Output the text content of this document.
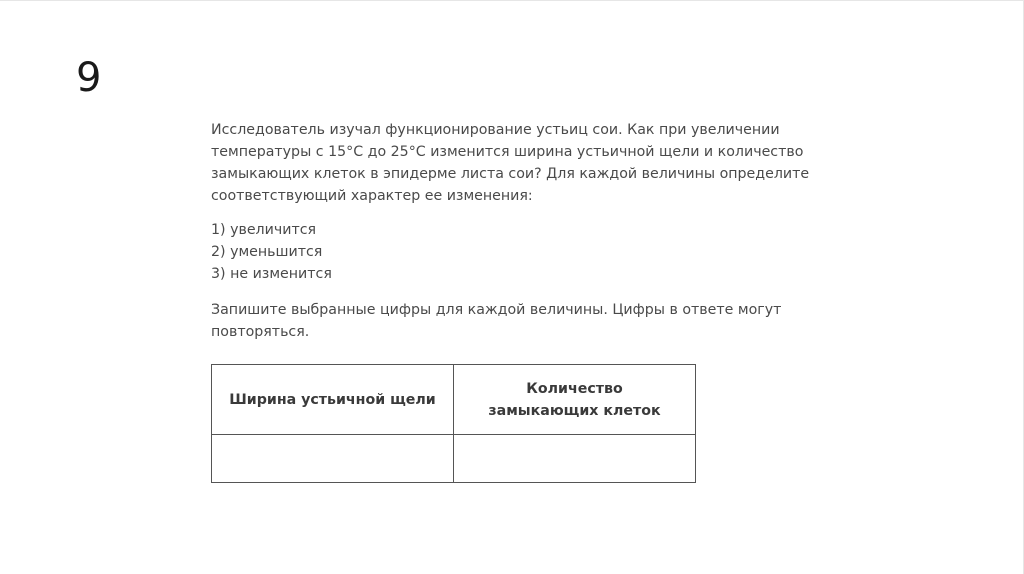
9

Исследователь изучал функционирование устьиц сои. Как при увеличении температуры с 15°С до 25°С изменится ширина устьичной щели и количество замыкающих клеток в эпидерме листа сои? Для каждой величины определите соответствующий характер ее изменения:

1) увеличится
2) уменьшится
3) не изменится

Запишите выбранные цифры для каждой величины. Цифры в ответе могут повторяться.

Ширина устьичной щели	Количество замыкающих клеток
